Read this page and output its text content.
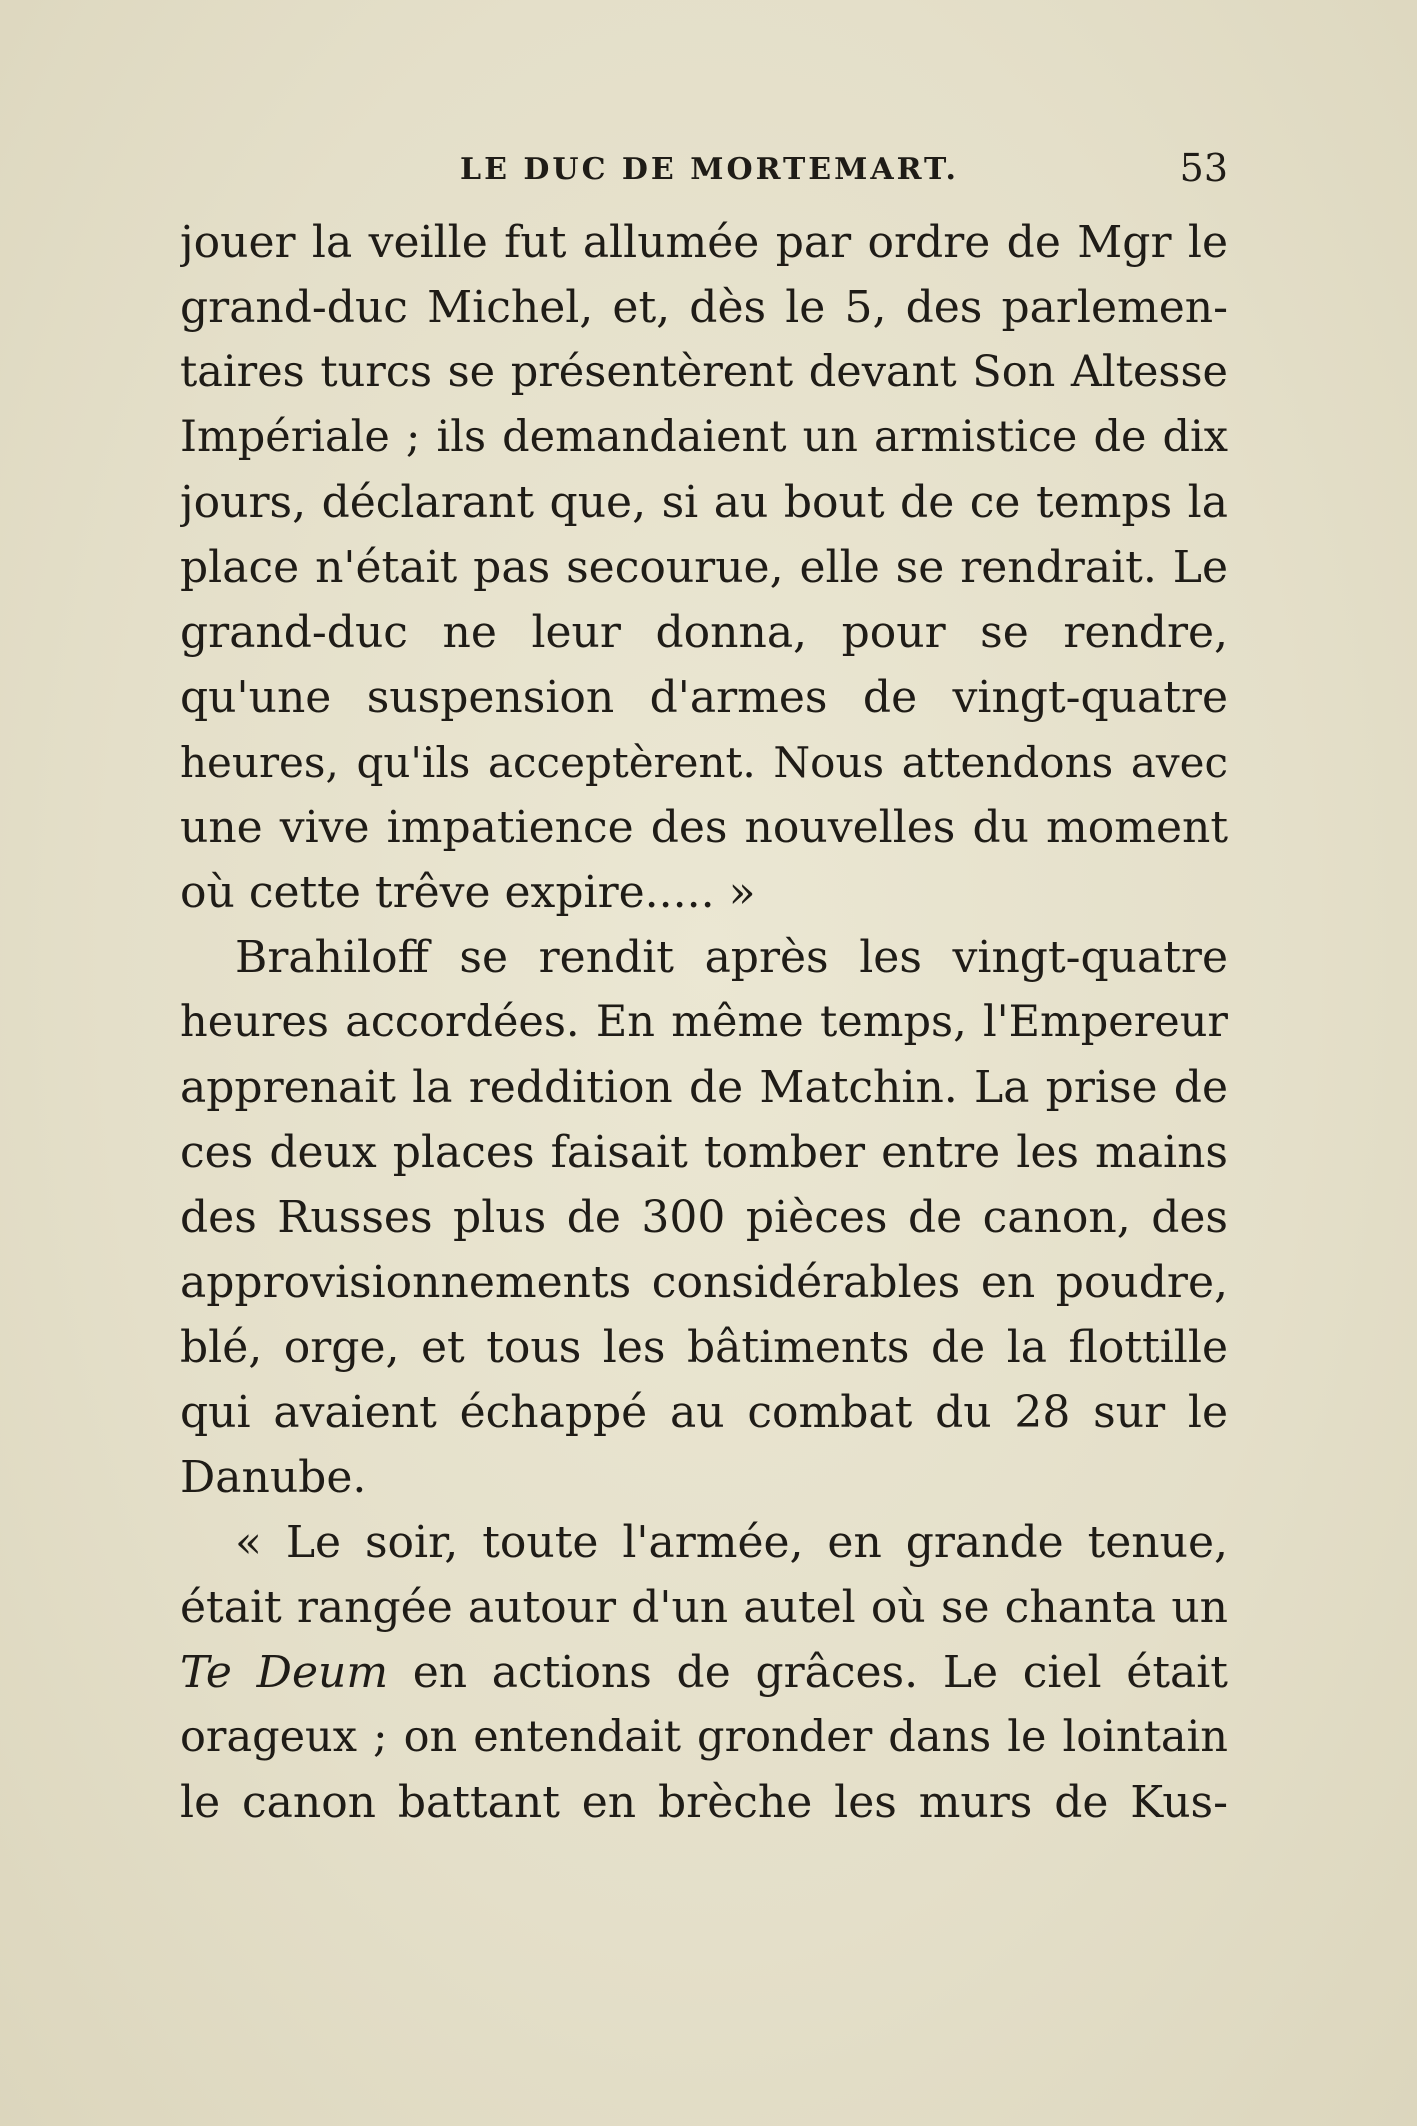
LE DUC DE MORTEMART.	53
jouer la veille fut allumée par ordre de Mgr le
grand-duc Michel, et, dès le 5, des parlemen-
taires turcs se présentèrent devant Son Altesse
Impériale ; ils demandaient un armistice de dix
jours, déclarant que, si au bout de ce temps la
place n'était pas secourue, elle se rendrait. Le
grand-duc ne leur donna, pour se rendre,
qu'une suspension d'armes de vingt-quatre
heures, qu'ils acceptèrent. Nous attendons avec
une vive impatience des nouvelles du moment
où cette trêve expire..... »
Brahiloff se rendit après les vingt-quatre
heures accordées. En même temps, l'Empereur
apprenait la reddition de Matchin. La prise de
ces deux places faisait tomber entre les mains
des Russes plus de 300 pièces de canon, des
approvisionnements considérables en poudre,
blé, orge, et tous les bâtiments de la flottille
qui avaient échappé au combat du 28 sur le
Danube.
« Le soir, toute l'armée, en grande tenue,
était rangée autour d'un autel où se chanta un
Te Deum en actions de grâces. Le ciel était
orageux ; on entendait gronder dans le lointain
le canon battant en brèche les murs de Kus-
